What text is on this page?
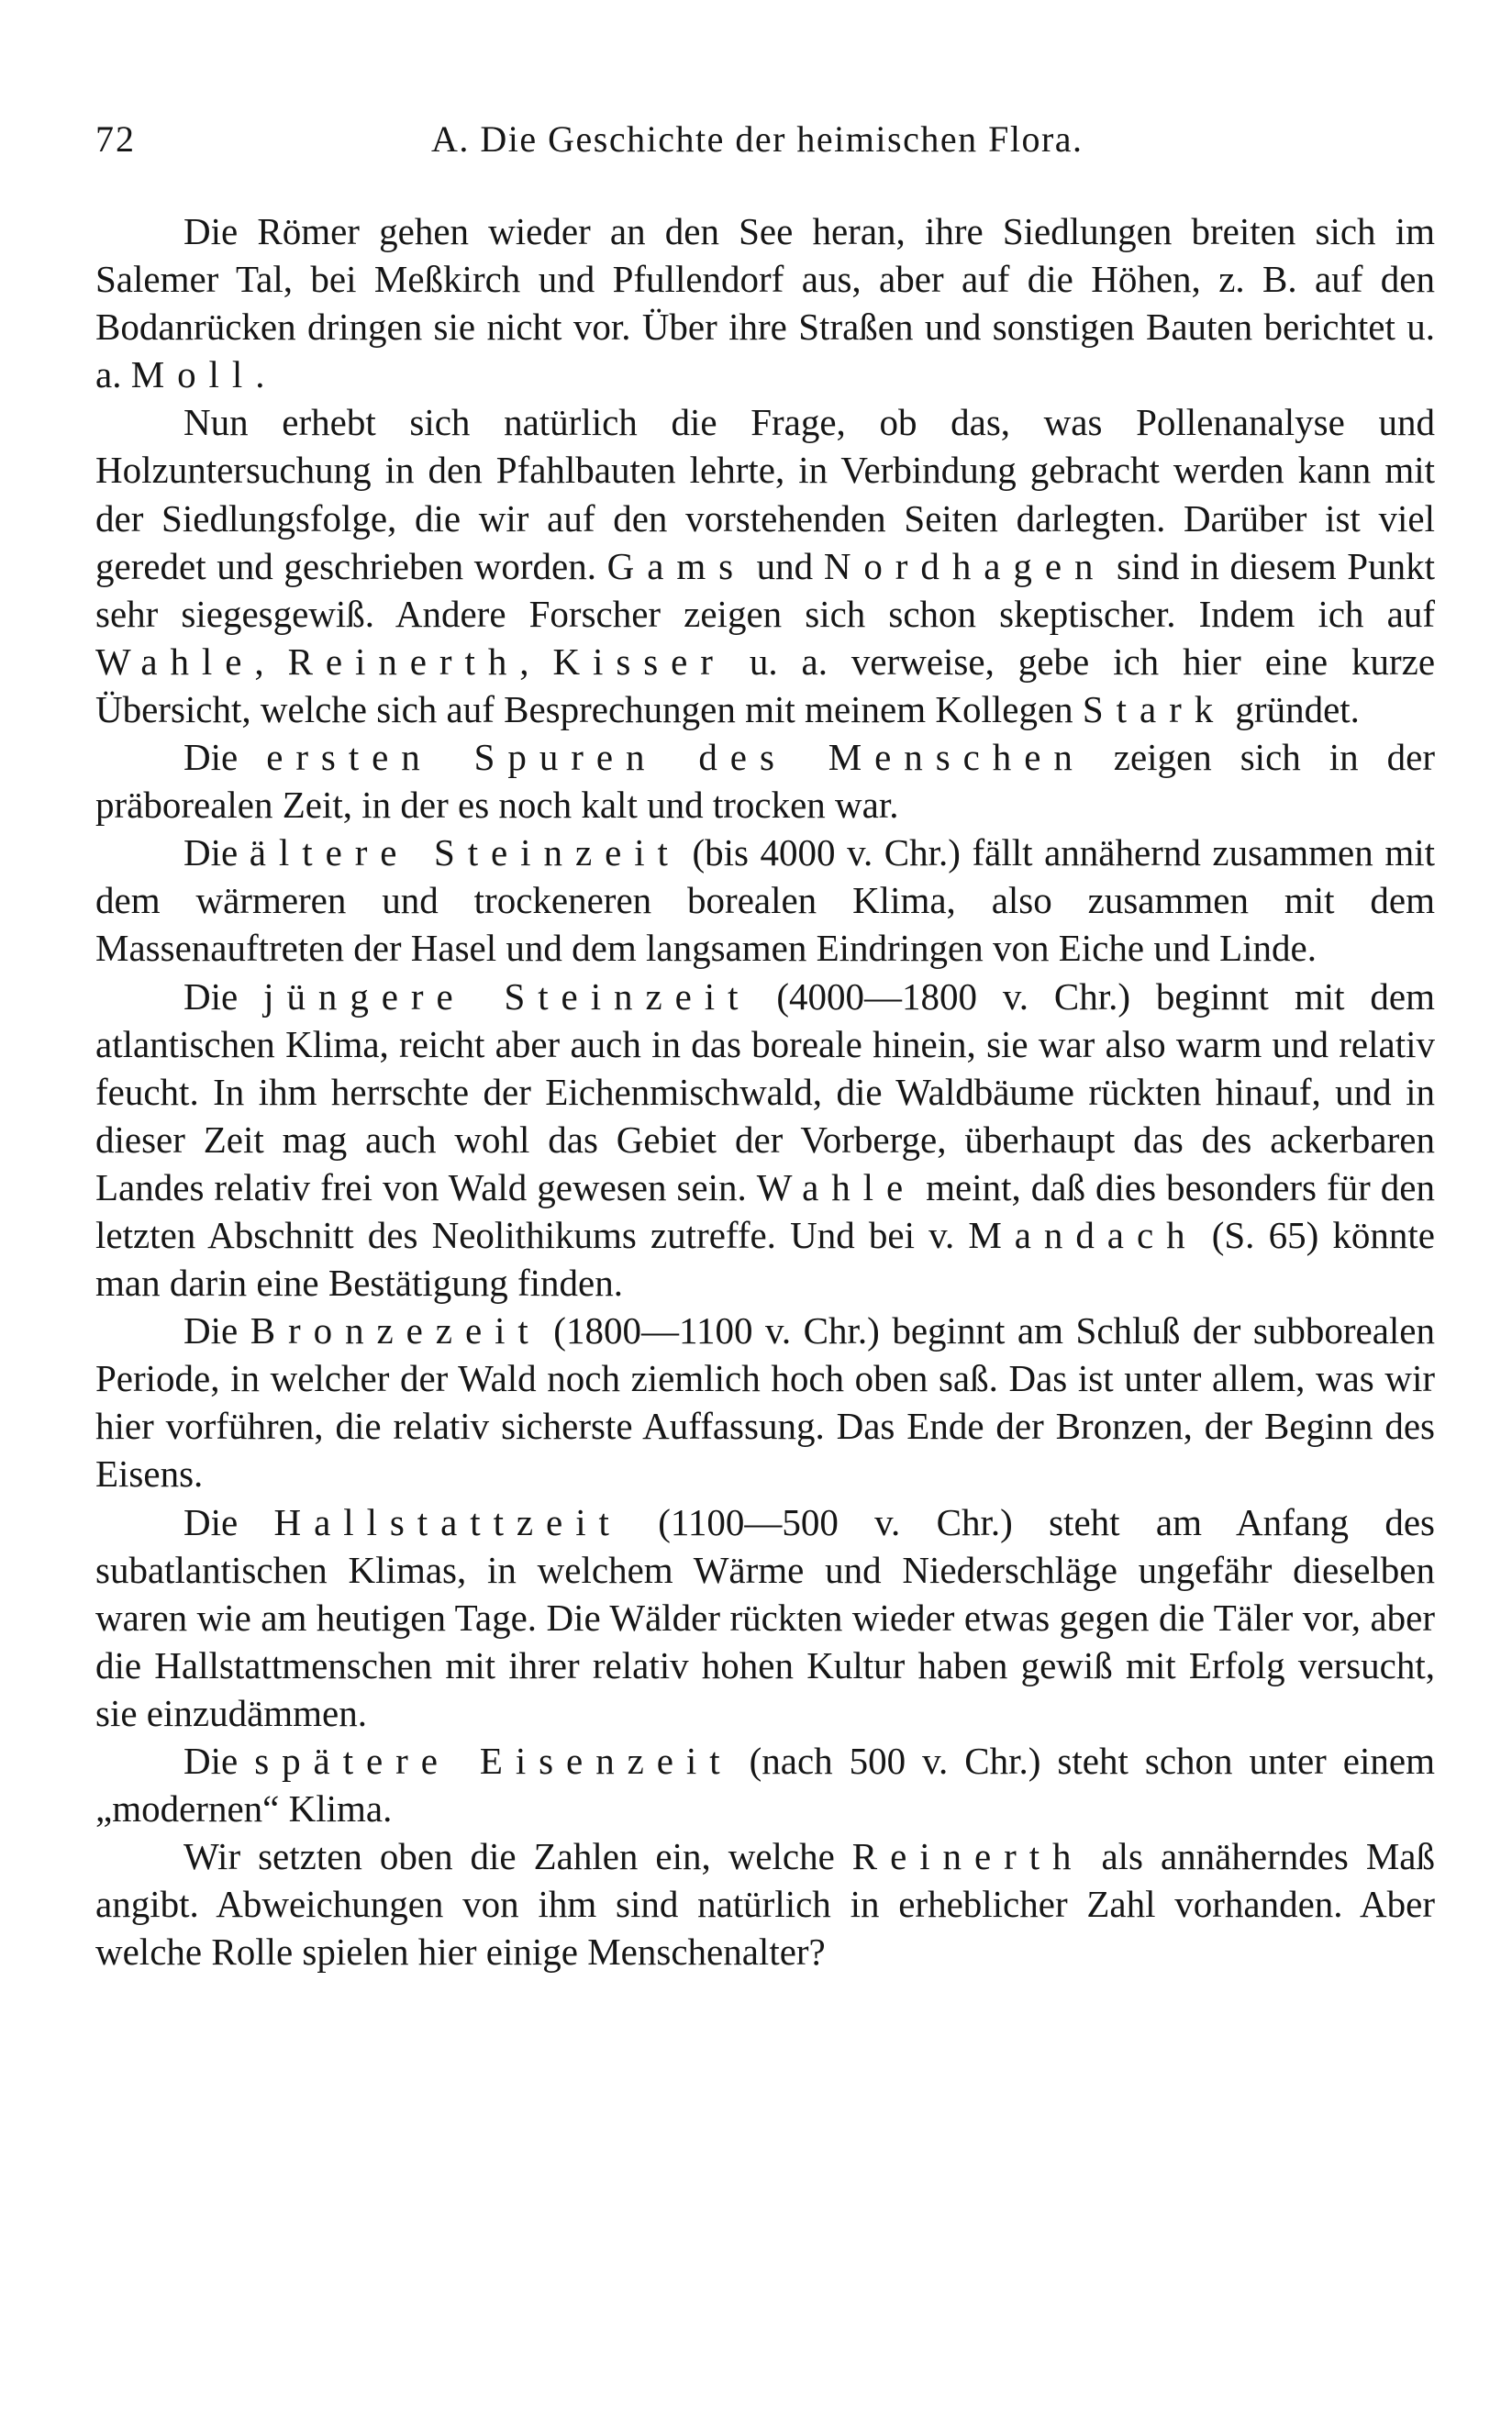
72	A. Die Geschichte der heimischen Flora.

Die Römer gehen wieder an den See heran, ihre Siedlungen breiten sich im Salemer Tal, bei Meßkirch und Pfullendorf aus, aber auf die Höhen, z. B. auf den Bodanrücken dringen sie nicht vor. Über ihre Straßen und sonstigen Bauten berichtet u. a. Moll.

Nun erhebt sich natürlich die Frage, ob das, was Pollenanalyse und Holzuntersuchung in den Pfahlbauten lehrte, in Verbindung gebracht werden kann mit der Siedlungsfolge, die wir auf den vorstehenden Seiten darlegten. Darüber ist viel geredet und geschrieben worden. Gams und Nordhagen sind in diesem Punkt sehr siegesgewiß. Andere Forscher zeigen sich schon skeptischer. Indem ich auf Wahle, Reinerth, Kisser u. a. verweise, gebe ich hier eine kurze Übersicht, welche sich auf Besprechungen mit meinem Kollegen Stark gründet.

Die ersten Spuren des Menschen zeigen sich in der präborealen Zeit, in der es noch kalt und trocken war.

Die ältere Steinzeit (bis 4000 v. Chr.) fällt annähernd zusammen mit dem wärmeren und trockeneren borealen Klima, also zusammen mit dem Massenauftreten der Hasel und dem langsamen Eindringen von Eiche und Linde.

Die jüngere Steinzeit (4000—1800 v. Chr.) beginnt mit dem atlantischen Klima, reicht aber auch in das boreale hinein, sie war also warm und relativ feucht. In ihm herrschte der Eichenmischwald, die Waldbäume rückten hinauf, und in dieser Zeit mag auch wohl das Gebiet der Vorberge, überhaupt das des ackerbaren Landes relativ frei von Wald gewesen sein. Wahle meint, daß dies besonders für den letzten Abschnitt des Neolithikums zutreffe. Und bei v. Mandach (S. 65) könnte man darin eine Bestätigung finden.

Die Bronzezeit (1800—1100 v. Chr.) beginnt am Schluß der subborealen Periode, in welcher der Wald noch ziemlich hoch oben saß. Das ist unter allem, was wir hier vorführen, die relativ sicherste Auffassung. Das Ende der Bronzen, der Beginn des Eisens.

Die Hallstattzeit (1100—500 v. Chr.) steht am Anfang des subatlantischen Klimas, in welchem Wärme und Niederschläge ungefähr dieselben waren wie am heutigen Tage. Die Wälder rückten wieder etwas gegen die Täler vor, aber die Hallstattmenschen mit ihrer relativ hohen Kultur haben gewiß mit Erfolg versucht, sie einzudämmen.

Die spätere Eisenzeit (nach 500 v. Chr.) steht schon unter einem „modernen“ Klima.

Wir setzten oben die Zahlen ein, welche Reinerth als annäherndes Maß angibt. Abweichungen von ihm sind natürlich in erheblicher Zahl vorhanden. Aber welche Rolle spielen hier einige Menschenalter?
